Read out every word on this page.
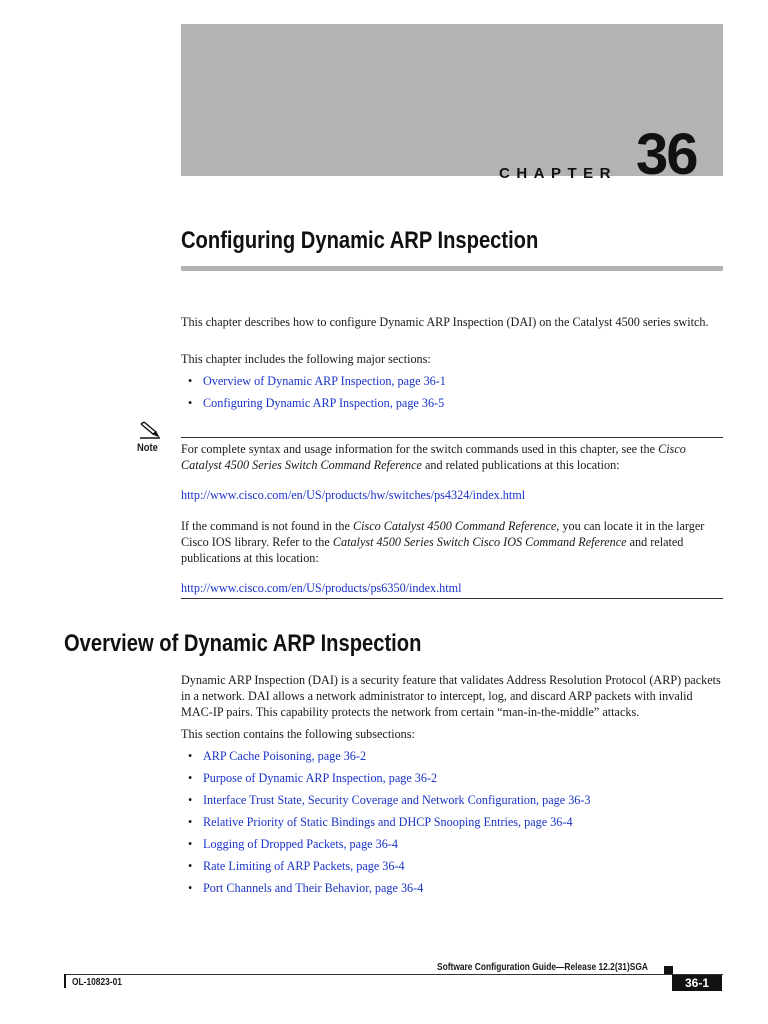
CHAPTER 36
Configuring Dynamic ARP Inspection
This chapter describes how to configure Dynamic ARP Inspection (DAI) on the Catalyst 4500 series switch.
This chapter includes the following major sections:
• Overview of Dynamic ARP Inspection, page 36-1
• Configuring Dynamic ARP Inspection, page 36-5
Note For complete syntax and usage information for the switch commands used in this chapter, see the Cisco Catalyst 4500 Series Switch Command Reference and related publications at this location:
http://www.cisco.com/en/US/products/hw/switches/ps4324/index.html
If the command is not found in the Cisco Catalyst 4500 Command Reference, you can locate it in the larger Cisco IOS library. Refer to the Catalyst 4500 Series Switch Cisco IOS Command Reference and related publications at this location:
http://www.cisco.com/en/US/products/ps6350/index.html
Overview of Dynamic ARP Inspection
Dynamic ARP Inspection (DAI) is a security feature that validates Address Resolution Protocol (ARP) packets in a network. DAI allows a network administrator to intercept, log, and discard ARP packets with invalid MAC-IP pairs. This capability protects the network from certain “man-in-the-middle” attacks.
This section contains the following subsections:
• ARP Cache Poisoning, page 36-2
• Purpose of Dynamic ARP Inspection, page 36-2
• Interface Trust State, Security Coverage and Network Configuration, page 36-3
• Relative Priority of Static Bindings and DHCP Snooping Entries, page 36-4
• Logging of Dropped Packets, page 36-4
• Rate Limiting of ARP Packets, page 36-4
• Port Channels and Their Behavior, page 36-4
Software Configuration Guide—Release 12.2(31)SGA
OL-10823-01	36-1
